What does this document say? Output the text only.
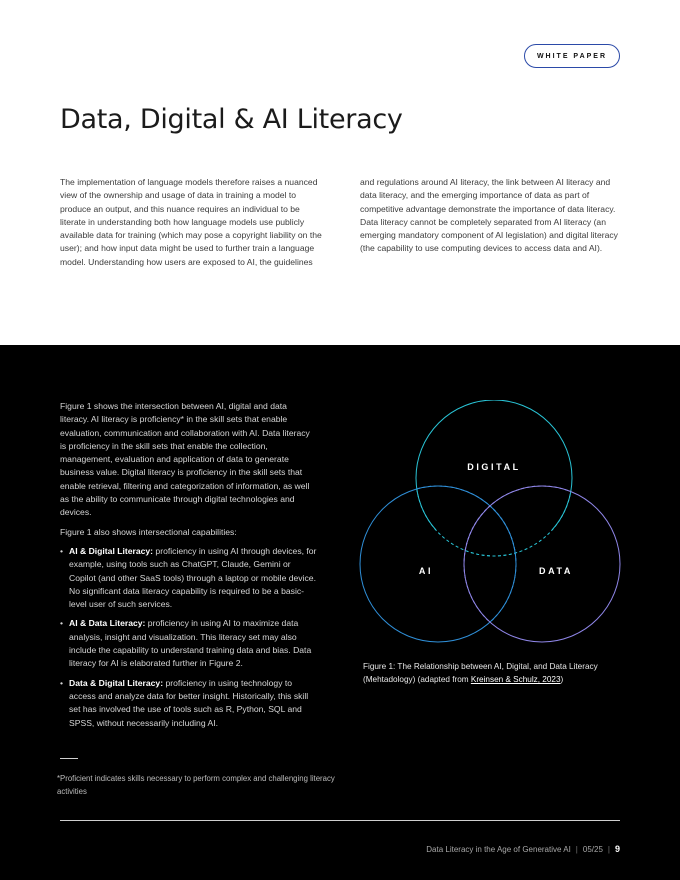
WHITE PAPER
Data, Digital & AI Literacy

The implementation of language models therefore raises a nuanced view of the ownership and usage of data in training a model to produce an output, and this nuance requires an individual to be literate in understanding both how language models use publicly available data for training (which may pose a copyright liability on the user); and how input data might be used to further train a language model. Understanding how users are exposed to AI, the guidelines

and regulations around AI literacy, the link between AI literacy and data literacy, and the emerging importance of data as part of competitive advantage demonstrate the importance of data literacy. Data literacy cannot be completely separated from AI literacy (an emerging mandatory component of AI legislation) and digital literacy (the capability to use computing devices to access data and AI).

Figure 1 shows the intersection between AI, digital and data literacy. AI literacy is proficiency* in the skill sets that enable evaluation, communication and collaboration with AI. Data literacy is proficiency in the skill sets that enable the collection, management, evaluation and application of data to generate business value. Digital literacy is proficiency in the skill sets that enable retrieval, filtering and categorization of information, as well as the ability to communicate through digital technologies and devices.

Figure 1 also shows intersectional capabilities:

• AI & Digital Literacy: proficiency in using AI through devices, for example, using tools such as ChatGPT, Claude, Gemini or Copilot (and other SaaS tools) through a laptop or mobile device. No significant data literacy capability is required to be a basic-level user of such services.
• AI & Data Literacy: proficiency in using AI to maximize data analysis, insight and visualization. This literacy set may also include the capability to understand training data and bias. Data literacy for AI is elaborated further in Figure 2.
• Data & Digital Literacy: proficiency in using technology to access and analyze data for better insight. Historically, this skill set has involved the use of tools such as R, Python, SQL and SPSS, without necessarily including AI.
DIGITAL
AI	DATA

Figure 1: The Relationship between AI, Digital, and Data Literacy (Mehtadology) (adapted from Kreinsen & Schulz, 2023)

*Proficient indicates skills necessary to perform complex and challenging literacy activities

Data Literacy in the Age of Generative AI | 05/25 | 9
